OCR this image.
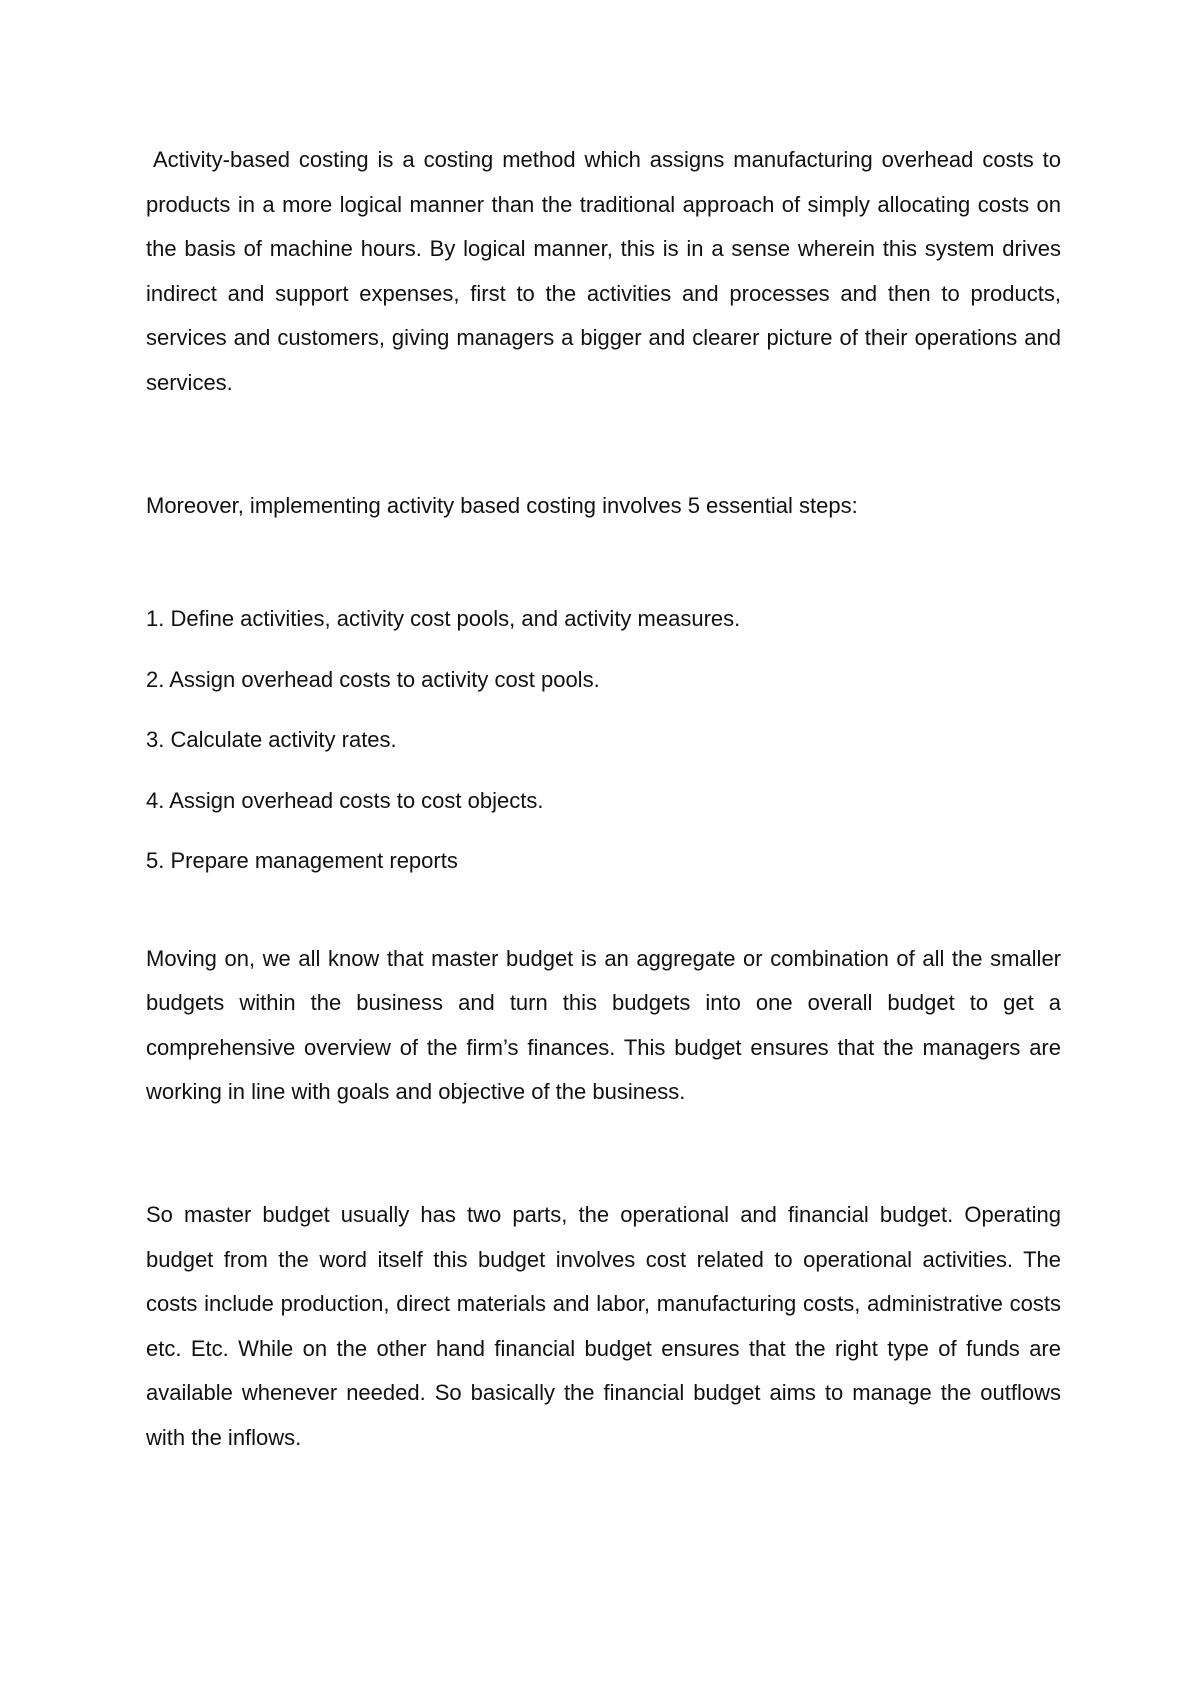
Activity-based costing is a costing method which assigns manufacturing overhead costs to products in a more logical manner than the traditional approach of simply allocating costs on the basis of machine hours. By logical manner, this is in a sense wherein this system drives indirect and support expenses, first to the activities and processes and then to products, services and customers, giving managers a bigger and clearer picture of their operations and services.

Moreover, implementing activity based costing involves 5 essential steps:

1. Define activities, activity cost pools, and activity measures.
2. Assign overhead costs to activity cost pools.
3. Calculate activity rates.
4. Assign overhead costs to cost objects.
5. Prepare management reports

Moving on, we all know that master budget is an aggregate or combination of all the smaller budgets within the business and turn this budgets into one overall budget to get a comprehensive overview of the firm’s finances. This budget ensures that the managers are working in line with goals and objective of the business.

So master budget usually has two parts, the operational and financial budget. Operating budget from the word itself this budget involves cost related to operational activities. The costs include production, direct materials and labor, manufacturing costs, administrative costs etc. Etc. While on the other hand financial budget ensures that the right type of funds are available whenever needed. So basically the financial budget aims to manage the outflows with the inflows.
